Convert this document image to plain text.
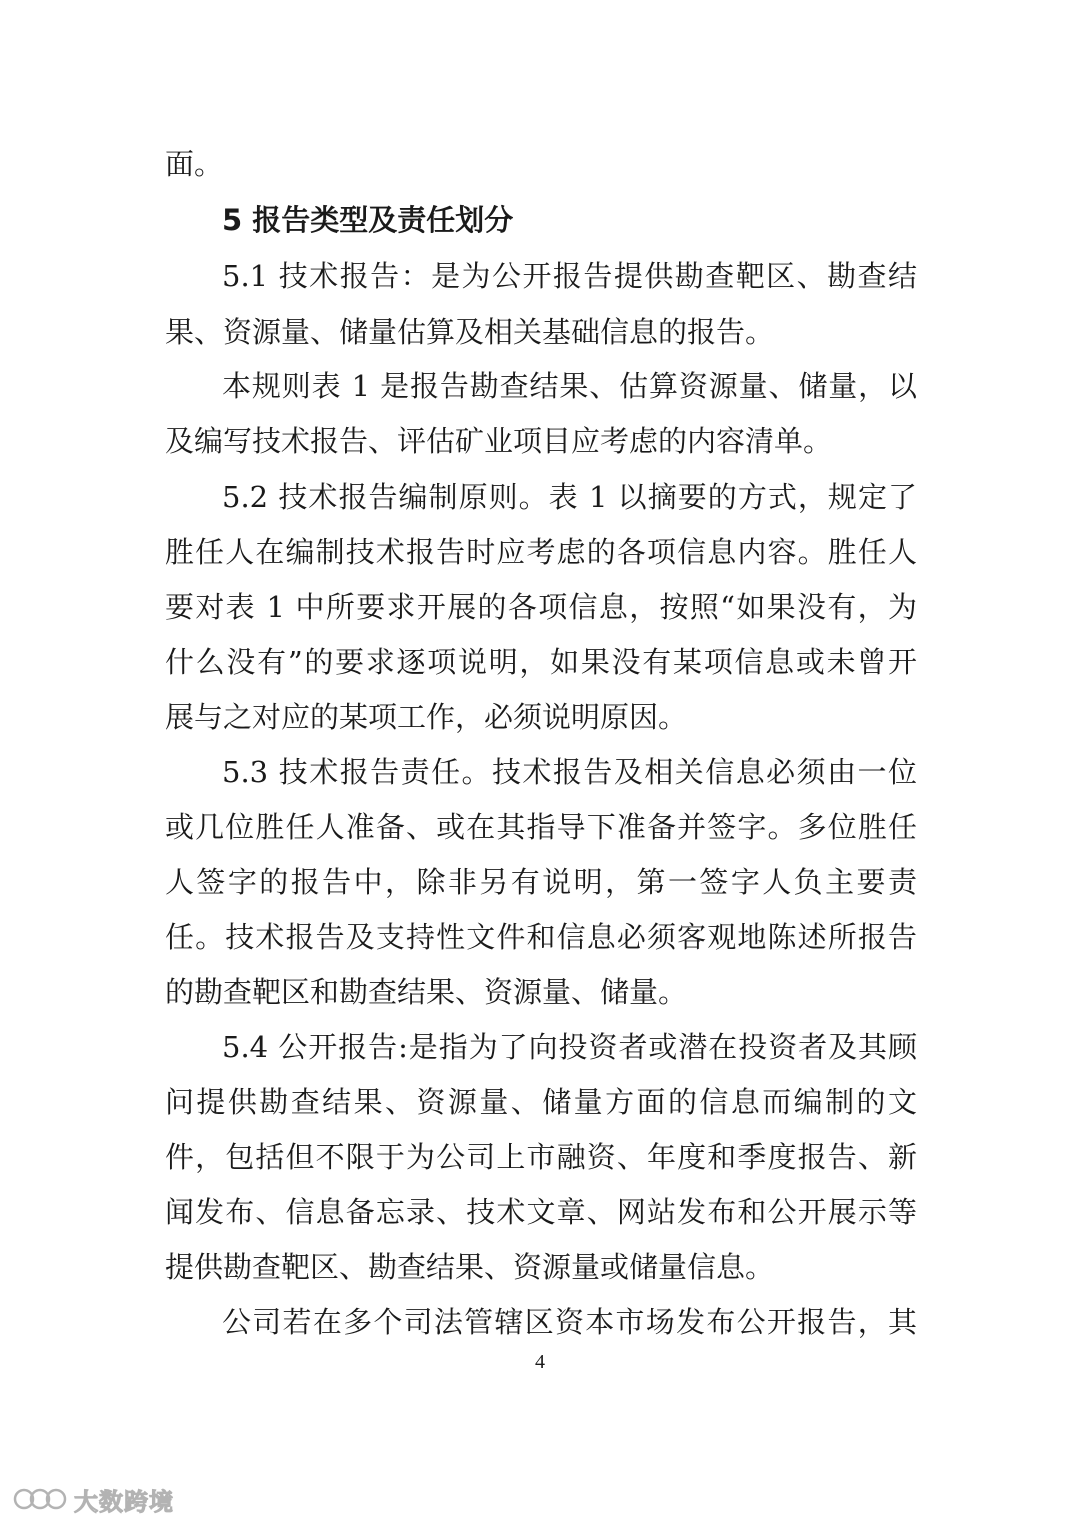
面。
5 报告类型及责任划分
5.1 技术报告：是为公开报告提供勘查靶区、勘查结
果、资源量、储量估算及相关基础信息的报告。
本规则表 1 是报告勘查结果、估算资源量、储量，以
及编写技术报告、评估矿业项目应考虑的内容清单。
5.2 技术报告编制原则。表 1 以摘要的方式，规定了
胜任人在编制技术报告时应考虑的各项信息内容。胜任人
要对表 1 中所要求开展的各项信息，按照“如果没有，为
什么没有”的要求逐项说明，如果没有某项信息或未曾开
展与之对应的某项工作，必须说明原因。
5.3 技术报告责任。技术报告及相关信息必须由一位
或几位胜任人准备、或在其指导下准备并签字。多位胜任
人签字的报告中，除非另有说明，第一签字人负主要责
任。技术报告及支持性文件和信息必须客观地陈述所报告
的勘查靶区和勘查结果、资源量、储量。
5.4 公开报告:是指为了向投资者或潜在投资者及其顾
问提供勘查结果、资源量、储量方面的信息而编制的文
件，包括但不限于为公司上市融资、年度和季度报告、新
闻发布、信息备忘录、技术文章、网站发布和公开展示等
提供勘查靶区、勘查结果、资源量或储量信息。
公司若在多个司法管辖区资本市场发布公开报告，其
4
大数跨境
